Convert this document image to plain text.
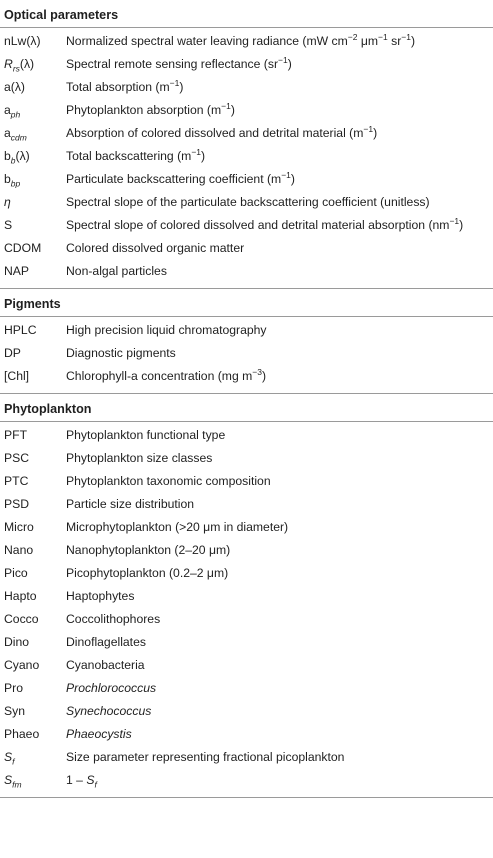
Optical parameters
nLw(λ)	Normalized spectral water leaving radiance (mW $cm^{-2}$ $\mu m^{-1}$ $sr^{-1}$)
$R_{rs}(\lambda)$	Spectral remote sensing reflectance $(sr^{-1})$
a(λ)	Total absorption $(m^{-1})$
$a_{ph}$	Phytoplankton absorption $(m^{-1})$
$a_{cdm}$	Absorption of colored dissolved and detrital material $(m^{-1})$
$b_b(\lambda)$	Total backscattering $(m^{-1})$
$b_{bp}$	Particulate backscattering coefficient $(m^{-1})$
η	Spectral slope of the particulate backscattering coefficient (unitless)
S	Spectral slope of colored dissolved and detrital material absorption $(nm^{-1})$
CDOM	Colored dissolved organic matter
NAP	Non-algal particles
Pigments
HPLC	High precision liquid chromatography
DP	Diagnostic pigments
[Chl]	Chlorophyll-a concentration (mg $m^{-3}$)
Phytoplankton
PFT	Phytoplankton functional type
PSC	Phytoplankton size classes
PTC	Phytoplankton taxonomic composition
PSD	Particle size distribution
Micro	Microphytoplankton (>20 μm in diameter)
Nano	Nanophytoplankton (2–20 μm)
Pico	Picophytoplankton (0.2–2 μm)
Hapto	Haptophytes
Cocco	Coccolithophores
Dino	Dinoflagellates
Cyano	Cyanobacteria
Pro	Prochlorococcus
Syn	Synechococcus
Phaeo	Phaeocystis
$S_f$	Size parameter representing fractional picoplankton
$S_{fm}$	$1 - S_f$
